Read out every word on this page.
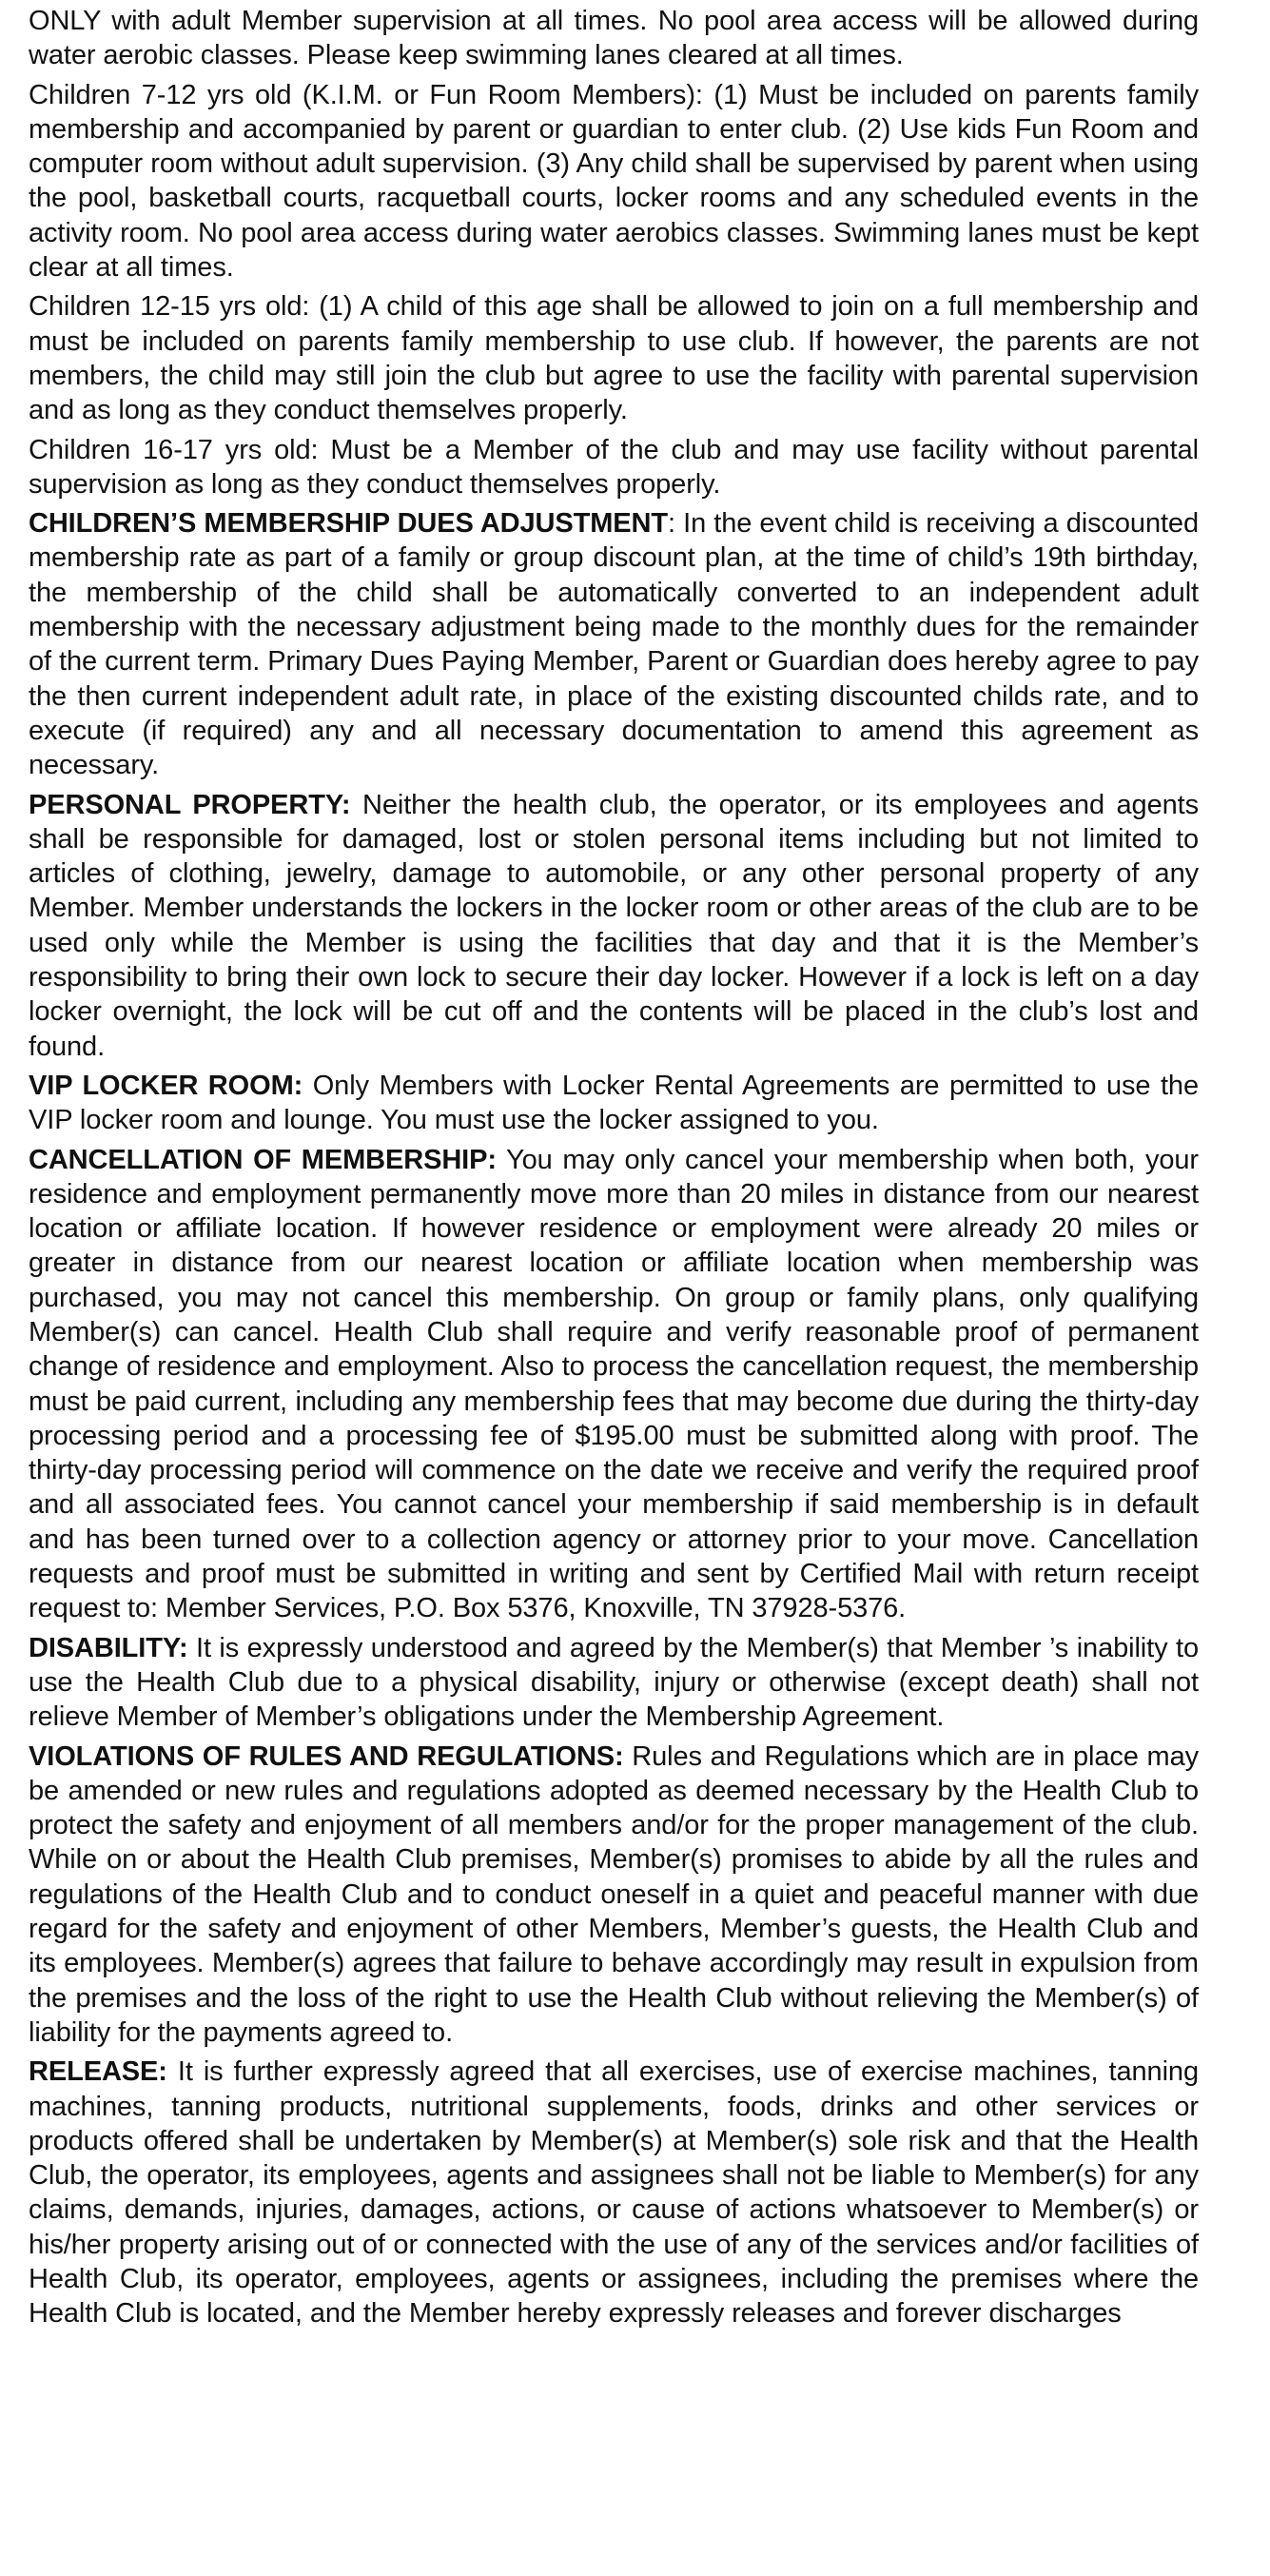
ONLY with adult Member supervision at all times. No pool area access will be allowed during water aerobic classes. Please keep swimming lanes cleared at all times.

Children 7-12 yrs old (K.I.M. or Fun Room Members): (1) Must be included on parents family membership and accompanied by parent or guardian to enter club. (2) Use kids Fun Room and computer room without adult supervision. (3) Any child shall be supervised by parent when using the pool, basketball courts, racquetball courts, locker rooms and any scheduled events in the activity room. No pool area access during water aerobics classes. Swimming lanes must be kept clear at all times.

Children 12-15 yrs old: (1) A child of this age shall be allowed to join on a full membership and must be included on parents family membership to use club. If however, the parents are not members, the child may still join the club but agree to use the facility with parental supervision and as long as they conduct themselves properly.

Children 16-17 yrs old: Must be a Member of the club and may use facility without parental supervision as long as they conduct themselves properly.

CHILDREN’S MEMBERSHIP DUES ADJUSTMENT: In the event child is receiving a discounted membership rate as part of a family or group discount plan, at the time of child’s 19th birthday, the membership of the child shall be automatically converted to an independent adult membership with the necessary adjustment being made to the monthly dues for the remainder of the current term. Primary Dues Paying Member, Parent or Guardian does hereby agree to pay the then current independent adult rate, in place of the existing discounted childs rate, and to execute (if required) any and all necessary documentation to amend this agreement as necessary.

PERSONAL PROPERTY: Neither the health club, the operator, or its employees and agents shall be responsible for damaged, lost or stolen personal items including but not limited to articles of clothing, jewelry, damage to automobile, or any other personal property of any Member. Member understands the lockers in the locker room or other areas of the club are to be used only while the Member is using the facilities that day and that it is the Member’s responsibility to bring their own lock to secure their day locker. However if a lock is left on a day locker overnight, the lock will be cut off and the contents will be placed in the club’s lost and found.

VIP LOCKER ROOM: Only Members with Locker Rental Agreements are permitted to use the VIP locker room and lounge. You must use the locker assigned to you.

CANCELLATION OF MEMBERSHIP: You may only cancel your membership when both, your residence and employment permanently move more than 20 miles in distance from our nearest location or affiliate location. If however residence or employment were already 20 miles or greater in distance from our nearest location or affiliate location when membership was purchased, you may not cancel this membership. On group or family plans, only qualifying Member(s) can cancel. Health Club shall require and verify reasonable proof of permanent change of residence and employment. Also to process the cancellation request, the membership must be paid current, including any membership fees that may become due during the thirty-day processing period and a processing fee of $195.00 must be submitted along with proof. The thirty-day processing period will commence on the date we receive and verify the required proof and all associated fees. You cannot cancel your membership if said membership is in default and has been turned over to a collection agency or attorney prior to your move. Cancellation requests and proof must be submitted in writing and sent by Certified Mail with return receipt request to: Member Services, P.O. Box 5376, Knoxville, TN 37928-5376.

DISABILITY: It is expressly understood and agreed by the Member(s) that Member ’s inability to use the Health Club due to a physical disability, injury or otherwise (except death) shall not relieve Member of Member’s obligations under the Membership Agreement.

VIOLATIONS OF RULES AND REGULATIONS: Rules and Regulations which are in place may be amended or new rules and regulations adopted as deemed necessary by the Health Club to protect the safety and enjoyment of all members and/or for the proper management of the club. While on or about the Health Club premises, Member(s) promises to abide by all the rules and regulations of the Health Club and to conduct oneself in a quiet and peaceful manner with due regard for the safety and enjoyment of other Members, Member’s guests, the Health Club and its employees. Member(s) agrees that failure to behave accordingly may result in expulsion from the premises and the loss of the right to use the Health Club without relieving the Member(s) of liability for the payments agreed to.

RELEASE: It is further expressly agreed that all exercises, use of exercise machines, tanning machines, tanning products, nutritional supplements, foods, drinks and other services or products offered shall be undertaken by Member(s) at Member(s) sole risk and that the Health Club, the operator, its employees, agents and assignees shall not be liable to Member(s) for any claims, demands, injuries, damages, actions, or cause of actions whatsoever to Member(s) or his/her property arising out of or connected with the use of any of the services and/or facilities of Health Club, its operator, employees, agents or assignees, including the premises where the Health Club is located, and the Member hereby expressly releases and forever discharges
